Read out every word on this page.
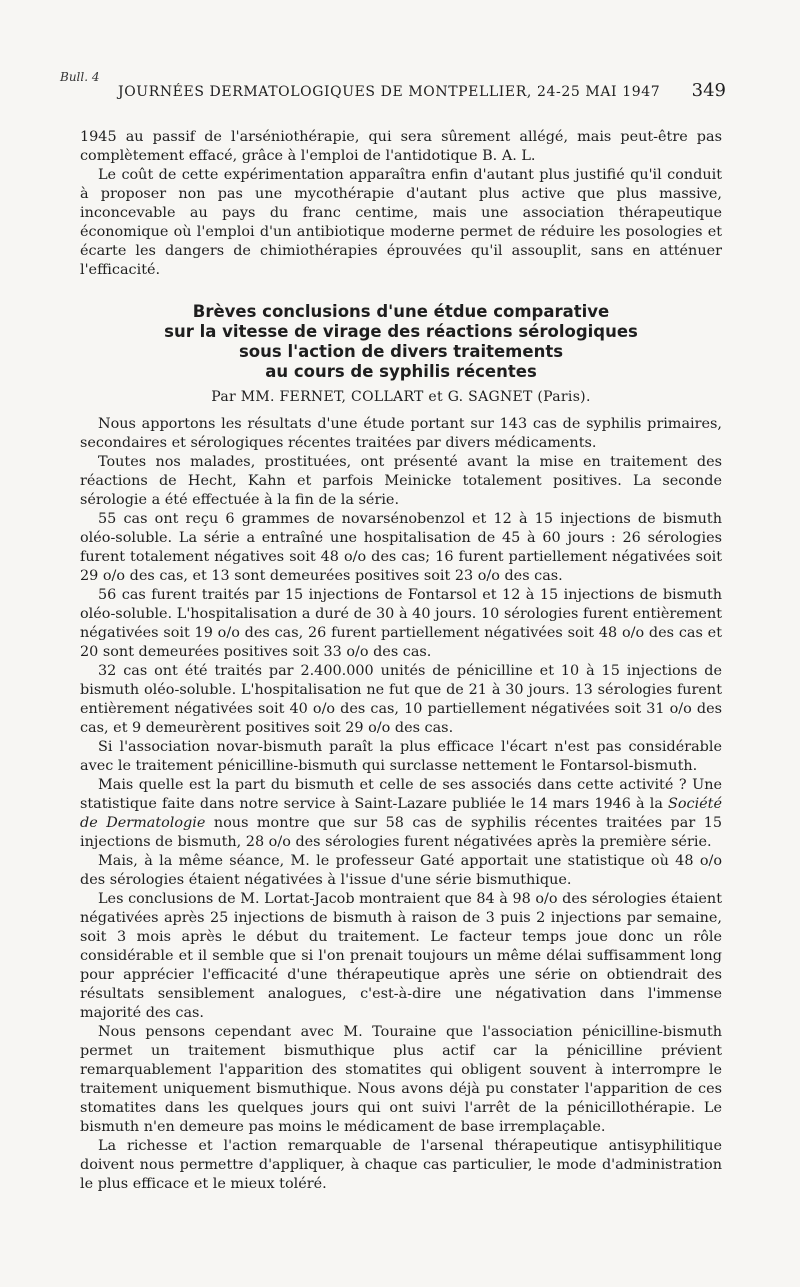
Bull. 4
JOURNÉES DERMATOLOGIQUES DE MONTPELLIER, 24-25 MAI 1947 349

1945 au passif de l'arséniothérapie, qui sera sûrement allégé, mais peut-être pas complètement effacé, grâce à l'emploi de l'antidotique B. A. L.

Le coût de cette expérimentation apparaîtra enfin d'autant plus justifié qu'il conduit à proposer non pas une mycothérapie d'autant plus active que plus massive, inconcevable au pays du franc centime, mais une association thérapeutique économique où l'emploi d'un antibiotique moderne permet de réduire les posologies et écarte les dangers de chimiothérapies éprouvées qu'il assouplit, sans en atténuer l'efficacité.

Brèves conclusions d'une étdue comparative
sur la vitesse de virage des réactions sérologiques
sous l'action de divers traitements
au cours de syphilis récentes

Par MM. FERNET, COLLART et G. SAGNET (Paris).

Nous apportons les résultats d'une étude portant sur 143 cas de syphilis primaires, secondaires et sérologiques récentes traitées par divers médicaments.

Toutes nos malades, prostituées, ont présenté avant la mise en traitement des réactions de Hecht, Kahn et parfois Meinicke totalement positives. La seconde sérologie a été effectuée à la fin de la série.

55 cas ont reçu 6 grammes de novarsénobenzol et 12 à 15 injections de bismuth oléo-soluble. La série a entraîné une hospitalisation de 45 à 60 jours : 26 sérologies furent totalement négatives soit 48 o/o des cas; 16 furent partiellement négativées soit 29 o/o des cas, et 13 sont demeurées positives soit 23 o/o des cas.

56 cas furent traités par 15 injections de Fontarsol et 12 à 15 injections de bismuth oléo-soluble. L'hospitalisation a duré de 30 à 40 jours. 10 sérologies furent entièrement négativées soit 19 o/o des cas, 26 furent partiellement négativées soit 48 o/o des cas et 20 sont demeurées positives soit 33 o/o des cas.

32 cas ont été traités par 2.400.000 unités de pénicilline et 10 à 15 injections de bismuth oléo-soluble. L'hospitalisation ne fut que de 21 à 30 jours. 13 sérologies furent entièrement négativées soit 40 o/o des cas, 10 partiellement négativées soit 31 o/o des cas, et 9 demeurèrent positives soit 29 o/o des cas.

Si l'association novar-bismuth paraît la plus efficace l'écart n'est pas considérable avec le traitement pénicilline-bismuth qui surclasse nettement le Fontarsol-bismuth.

Mais quelle est la part du bismuth et celle de ses associés dans cette activité ? Une statistique faite dans notre service à Saint-Lazare publiée le 14 mars 1946 à la Société de Dermatologie nous montre que sur 58 cas de syphilis récentes traitées par 15 injections de bismuth, 28 o/o des sérologies furent négativées après la première série.

Mais, à la même séance, M. le professeur Gaté apportait une statistique où 48 o/o des sérologies étaient négativées à l'issue d'une série bismuthique.

Les conclusions de M. Lortat-Jacob montraient que 84 à 98 o/o des sérologies étaient négativées après 25 injections de bismuth à raison de 3 puis 2 injections par semaine, soit 3 mois après le début du traitement. Le facteur temps joue donc un rôle considérable et il semble que si l'on prenait toujours un même délai suffisamment long pour apprécier l'efficacité d'une thérapeutique après une série on obtiendrait des résultats sensiblement analogues, c'est-à-dire une négativation dans l'immense majorité des cas.

Nous pensons cependant avec M. Touraine que l'association pénicilline-bismuth permet un traitement bismuthique plus actif car la pénicilline prévient remarquablement l'apparition des stomatites qui obligent souvent à interrompre le traitement uniquement bismuthique. Nous avons déjà pu constater l'apparition de ces stomatites dans les quelques jours qui ont suivi l'arrêt de la pénicillothérapie. Le bismuth n'en demeure pas moins le médicament de base irremplaçable.

La richesse et l'action remarquable de l'arsenal thérapeutique antisyphilitique doivent nous permettre d'appliquer, à chaque cas particulier, le mode d'administration le plus efficace et le mieux toléré.
